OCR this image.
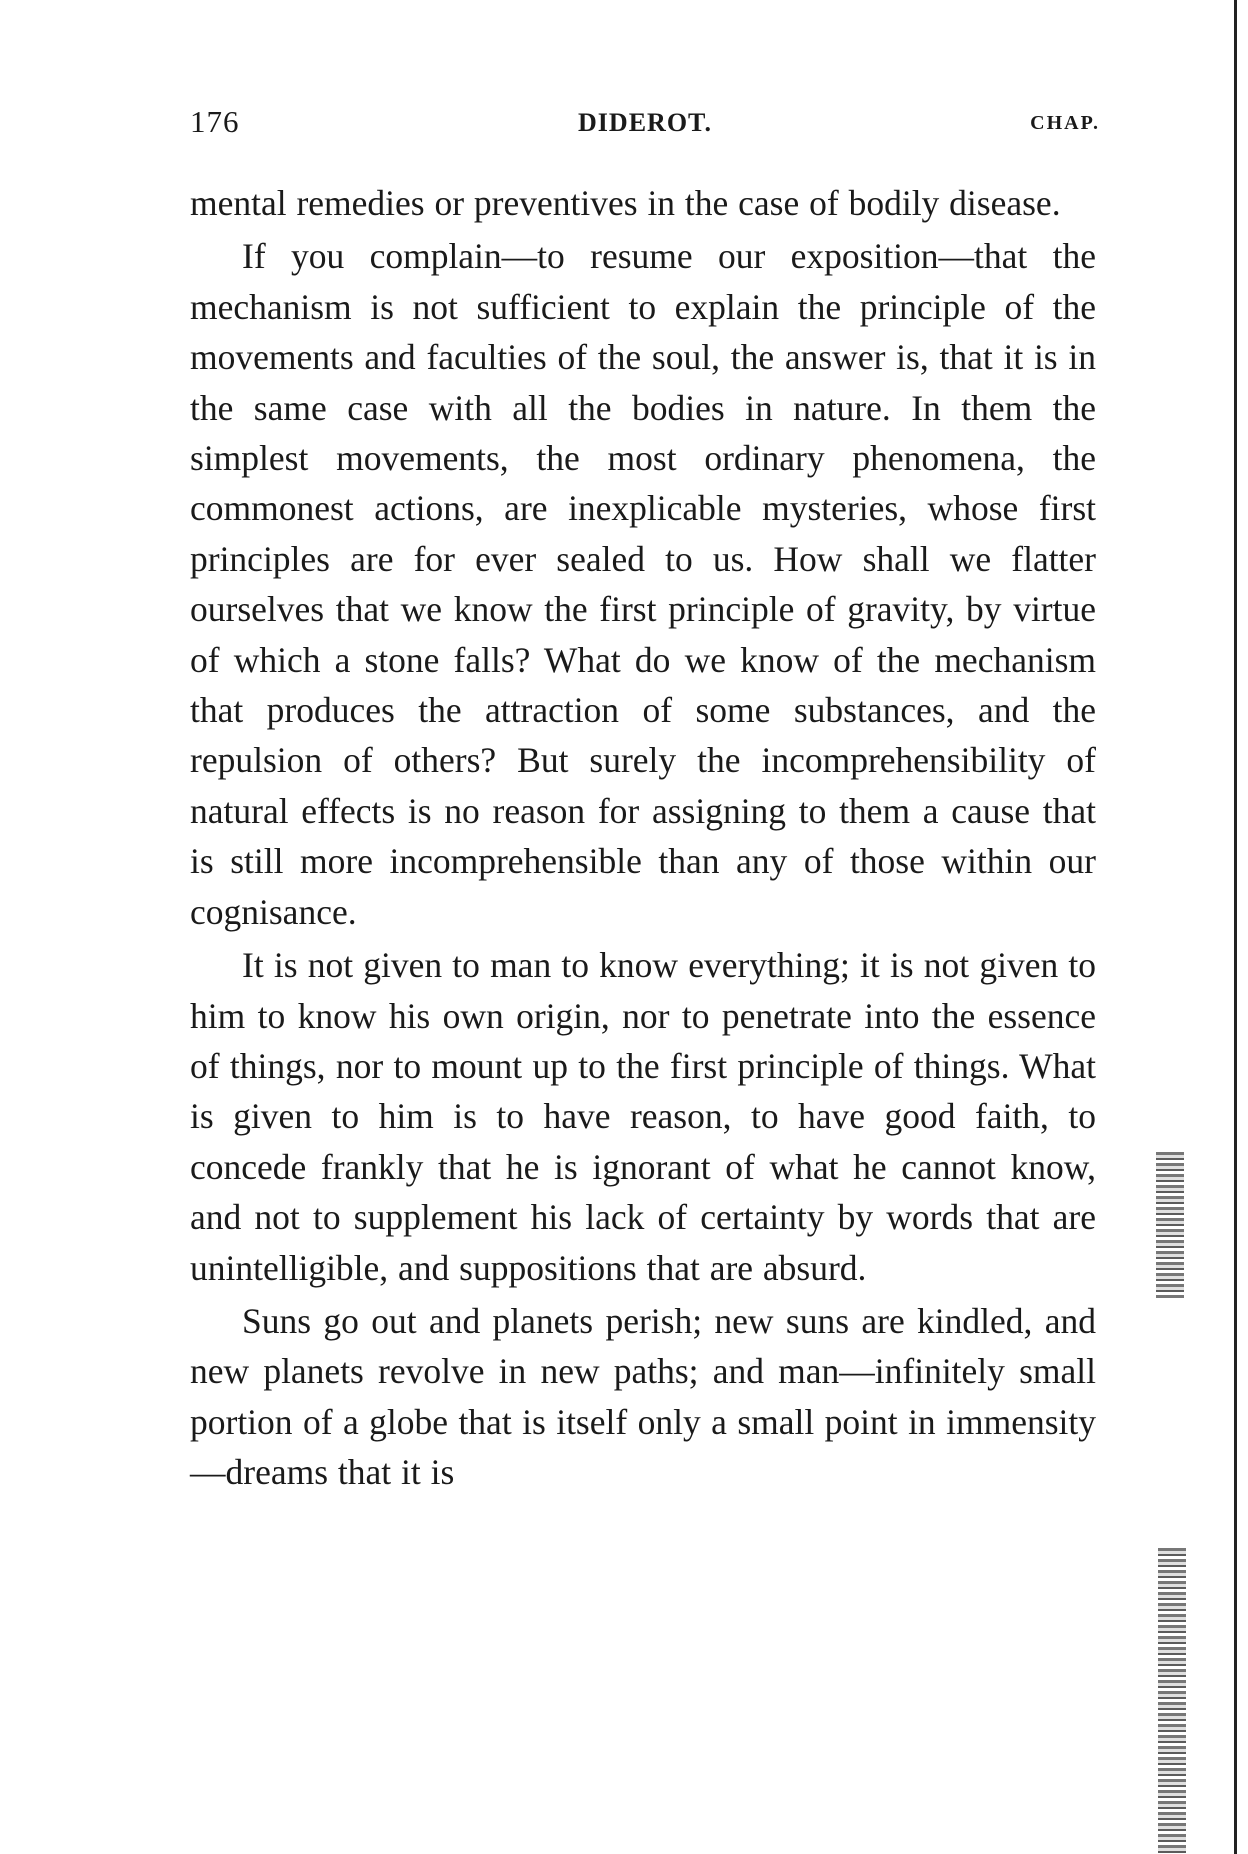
176	DIDEROT.	CHAP.

mental remedies or preventives in the case of bodily disease.

If you complain—to resume our exposition—that the mechanism is not sufficient to explain the principle of the movements and faculties of the soul, the answer is, that it is in the same case with all the bodies in nature. In them the simplest movements, the most ordinary phenomena, the commonest actions, are inexplicable mysteries, whose first principles are for ever sealed to us. How shall we flatter ourselves that we know the first principle of gravity, by virtue of which a stone falls? What do we know of the mechanism that produces the attraction of some substances, and the repulsion of others? But surely the incomprehensibility of natural effects is no reason for assigning to them a cause that is still more incomprehensible than any of those within our cognisance.

It is not given to man to know everything; it is not given to him to know his own origin, nor to penetrate into the essence of things, nor to mount up to the first principle of things. What is given to him is to have reason, to have good faith, to concede frankly that he is ignorant of what he cannot know, and not to supplement his lack of certainty by words that are unintelligible, and suppositions that are absurd.

Suns go out and planets perish; new suns are kindled, and new planets revolve in new paths; and man—infinitely small portion of a globe that is itself only a small point in immensity—dreams that it is
